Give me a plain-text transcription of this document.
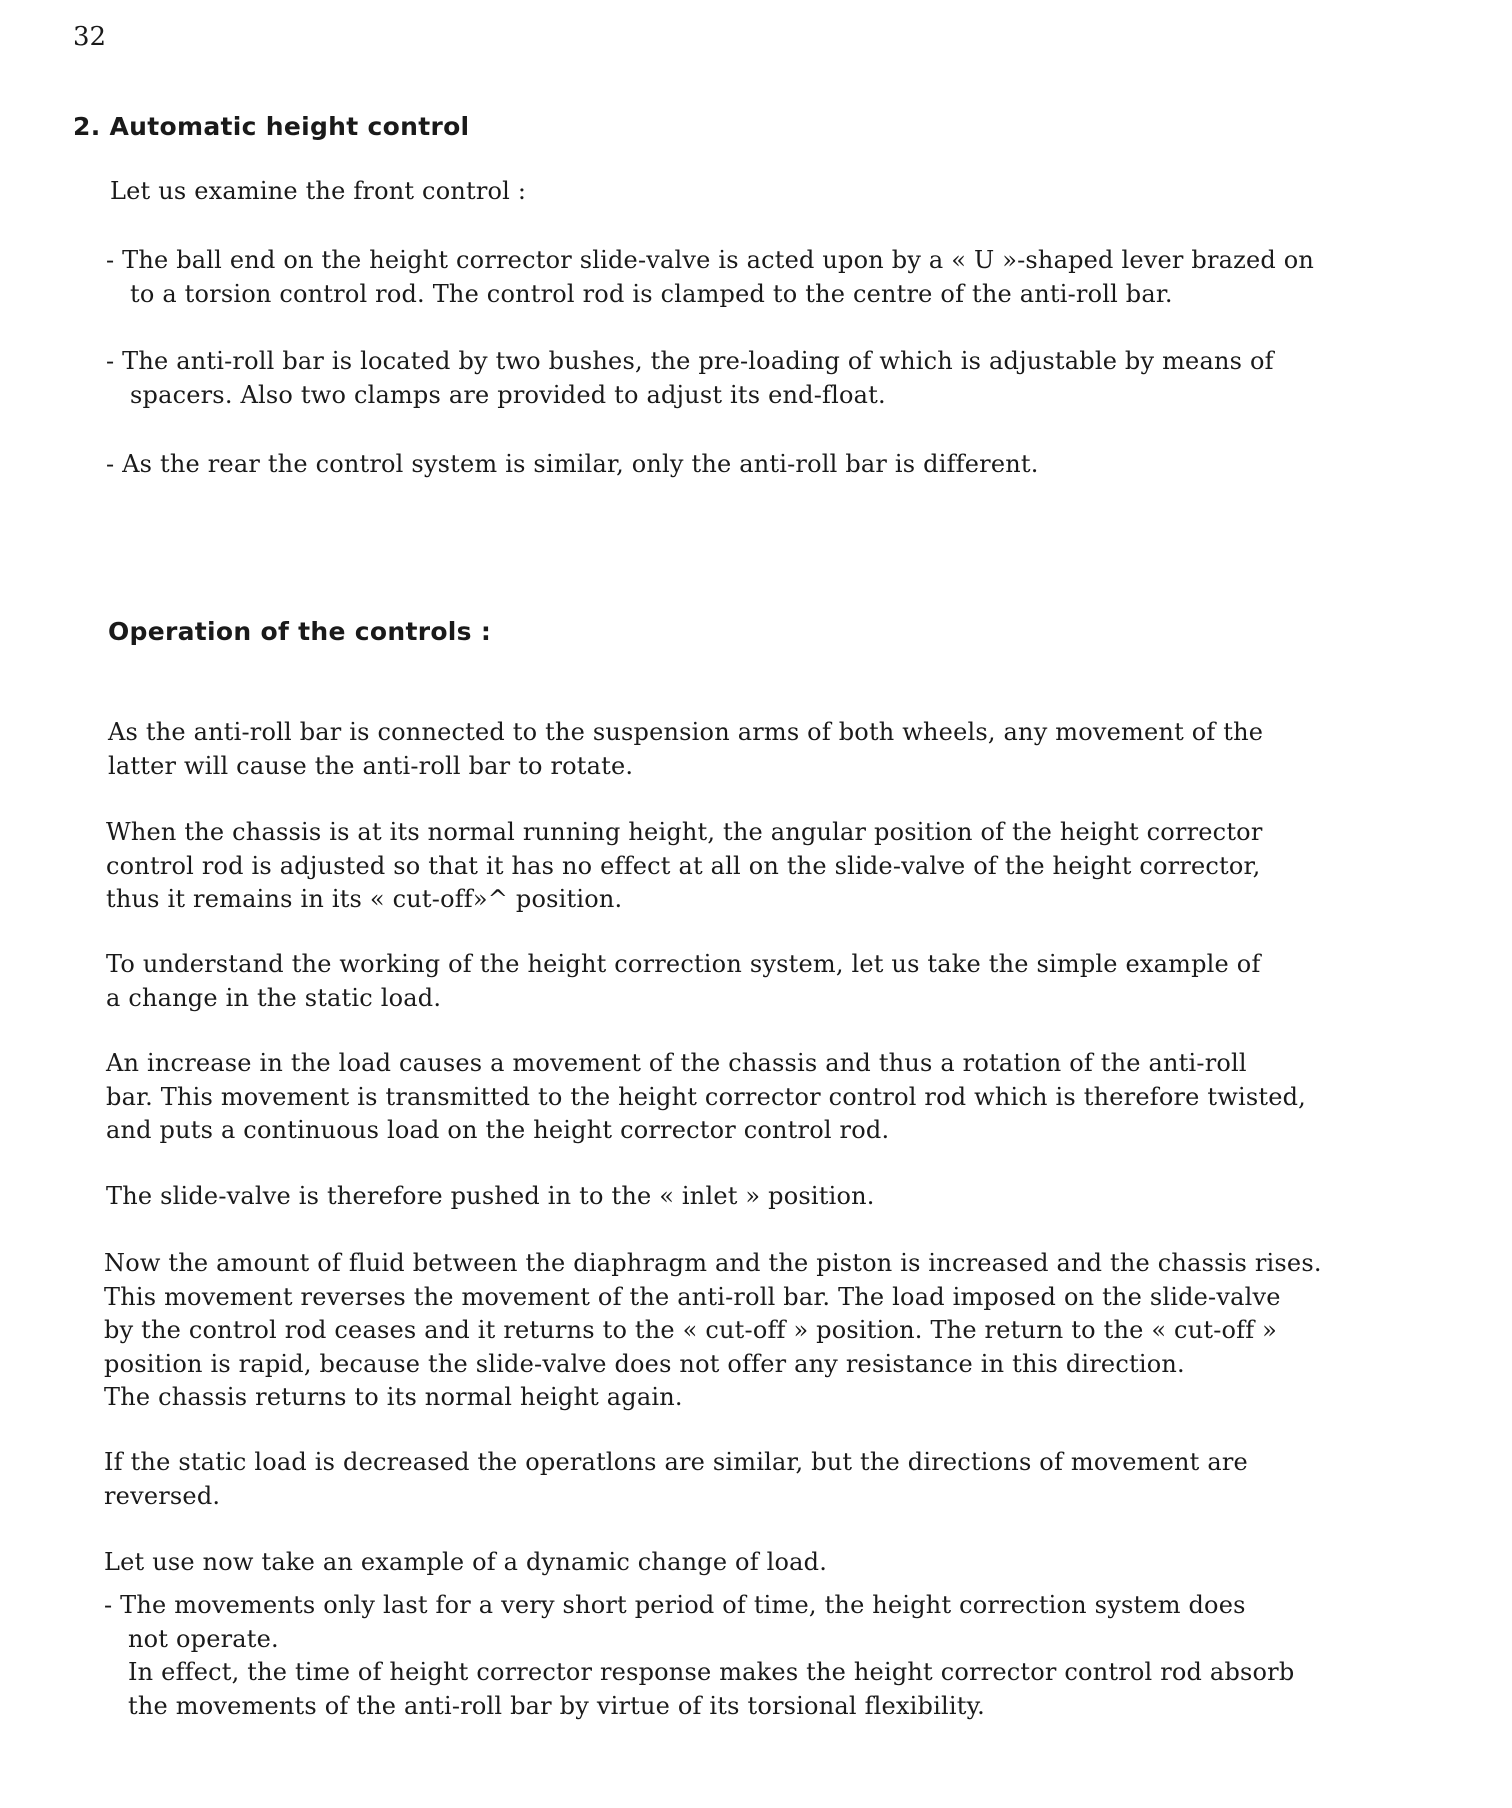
32
2. Automatic height control
Let us examine the front control :
- The ball end on the height corrector slide-valve is acted upon by a « U »-shaped lever brazed on
to a torsion control rod. The control rod is clamped to the centre of the anti-roll bar.
- The anti-roll bar is located by two bushes, the pre-loading of which is adjustable by means of
spacers. Also two clamps are provided to adjust its end-float.
- As the rear the control system is similar, only the anti-roll bar is different.
Operation of the controls :
As the anti-roll bar is connected to the suspension arms of both wheels, any movement of the
latter will cause the anti-roll bar to rotate.
When the chassis is at its normal running height, the angular position of the height corrector
control rod is adjusted so that it has no effect at all on the slide-valve of the height corrector,
thus it remains in its « cut-off»^ position.
To understand the working of the height correction system, let us take the simple example of
a change in the static load.
An increase in the load causes a movement of the chassis and thus a rotation of the anti-roll
bar. This movement is transmitted to the height corrector control rod which is therefore twisted,
and puts a continuous load on the height corrector control rod.
The slide-valve is therefore pushed in to the « inlet » position.
Now the amount of fluid between the diaphragm and the piston is increased and the chassis rises.
This movement reverses the movement of the anti-roll bar. The load imposed on the slide-valve
by the control rod ceases and it returns to the « cut-off » position. The return to the « cut-off »
position is rapid, because the slide-valve does not offer any resistance in this direction.
The chassis returns to its normal height again.
If the static load is decreased the operatlons are similar, but the directions of movement are
reversed.
Let use now take an example of a dynamic change of load.
- The movements only last for a very short period of time, the height correction system does
not operate.
In effect, the time of height corrector response makes the height corrector control rod absorb
the movements of the anti-roll bar by virtue of its torsional flexibility.
